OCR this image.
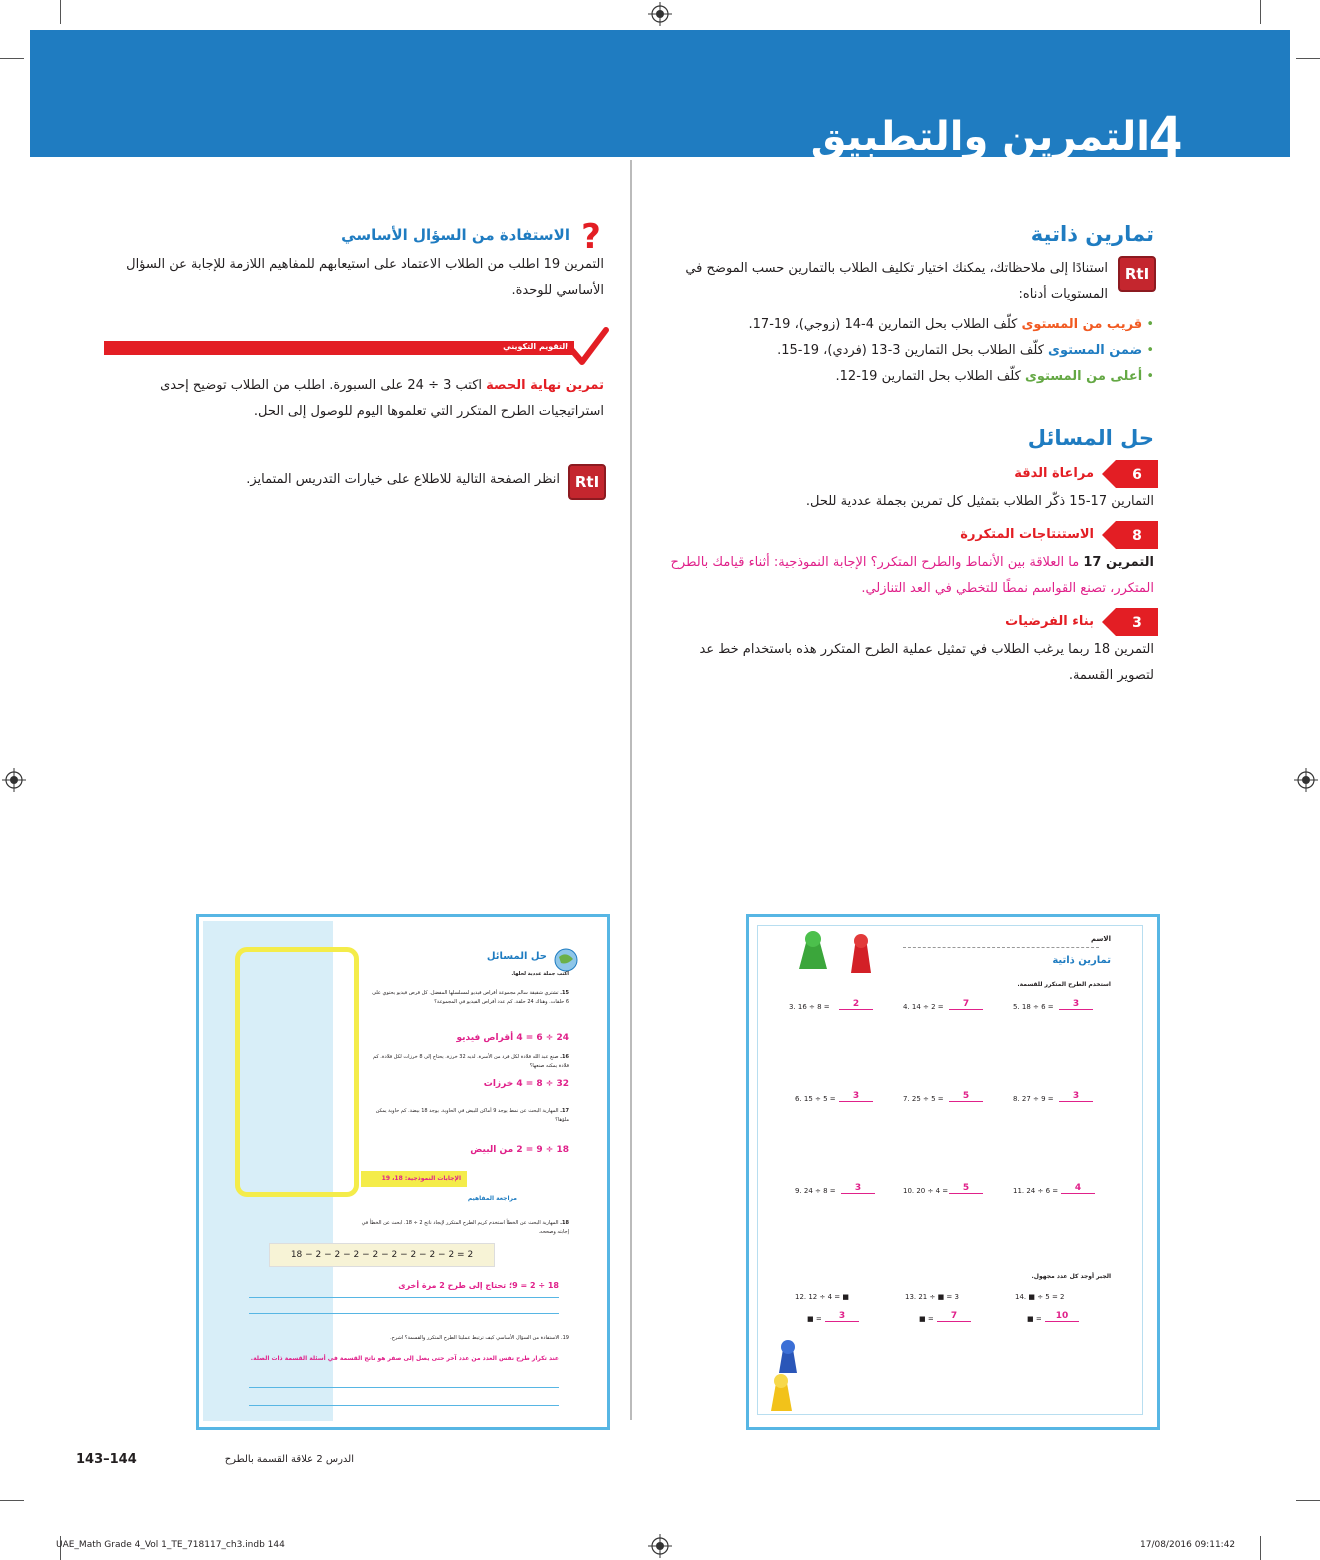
التمرين والتطبيق
4
تمارين ذاتية
RtI
استنادًا إلى ملاحظاتك، يمكنك اختيار تكليف الطلاب بالتمارين حسب الموضح في المستويات أدناه:
• قريب من المستوى كلّف الطلاب بحل التمارين 4-14 (زوجي)، 19-17.
• ضمن المستوى كلّف الطلاب بحل التمارين 3-13 (فردي)، 19-15.
• أعلى من المستوى كلّف الطلاب بحل التمارين 19-12.
حل المسائل
6
مراعاة الدقة
التمارين 17-15 ذكّر الطلاب بتمثيل كل تمرين بجملة عددية للحل.
8
الاستنتاجات المتكررة
التمرين 17 ما العلاقة بين الأنماط والطرح المتكرر؟ الإجابة النموذجية: أثناء قيامك بالطرح المتكرر، تصنع القواسم نمطًا للتخطي في العد التنازلي.
3
بناء الفرضيات
التمرين 18 ربما يرغب الطلاب في تمثيل عملية الطرح المتكرر هذه باستخدام خط عد لتصوير القسمة.
?
الاستفادة من السؤال الأساسي
التمرين 19 اطلب من الطلاب الاعتماد على استيعابهم للمفاهيم اللازمة للإجابة عن السؤال الأساسي للوحدة.
التقويم التكويني
تمرين نهاية الحصة اكتب 3 ÷ 24 على السبورة. اطلب من الطلاب توضيح إحدى استراتيجيات الطرح المتكرر التي تعلموها اليوم للوصول إلى الحل.
RtI
انظر الصفحة التالية للاطلاع على خيارات التدريس المتمايز.
الاسم
تمارين ذاتية
استخدم الطرح المتكرر للقسمة.
3. 16 ÷ 8 =	2	4. 14 ÷ 2 =	7	5. 18 ÷ 6 =	3
6. 15 ÷ 5 =	3	7. 25 ÷ 5 =	5	8. 27 ÷ 9 =	3
9. 24 ÷ 8 =	3	10. 20 ÷ 4 =	5	11. 24 ÷ 6 =	4
الجبر أوجد كل عدد مجهول.
12. 12 ÷ 4 = ■	13. 21 ÷ ■ = 3	14. ■ ÷ 5 = 2
■ =	3	■ =	7	■ =	10
حل المسائل
اكتب جملة عددية لحلها.
15. تشتري شقيقة سالم مجموعة أقراص فيديو لمسلسلها المفضل. كل قرص فيديو يحتوي على 6 حلقات. وهناك 24 حلقة. كم عدد أقراص الفيديو في المجموعة؟
24 ÷ 6 = 4 أقراص فيديو
16. صنع عبد الله قلادة لكل فرد من الأسرة. لديه 32 خرزة. يحتاج إلى 8 خرزات لكل قلادة. كم قلادة يمكنه صنعها؟
32 ÷ 8 = 4 خرزات
17. المهارية البحث عن نمط يوجد 9 أماكن للبيض في الحاوية. يوجد 18 بيضة. كم حاوية يمكن ملؤها؟
18 ÷ 9 = 2 من البيض
الإجابات النموذجية: 18، 19
مراجعة المفاهيم
18. المهارية البحث عن الخطأ استخدم كريم الطرح المتكرر لإيجاد ناتج 2 ÷ 18. ابحث عن الخطأ في إجابته وصححه.
18 − 2 − 2 − 2 − 2 − 2 − 2 − 2 − 2 = 2
18 ÷ 2 = 9؛ تحتاج إلى طرح 2 مرة أخرى
19. الاستفادة من السؤال الأساسي كيف ترتبط عمليتا الطرح المتكرر والقسمة؟ اشرح.
عند تكرار طرح نفس العدد من عدد آخر حتى يصل إلى صفر هو ناتج القسمة في أسئلة القسمة ذات الصلة.
143–144	الدرس 2 علاقة القسمة بالطرح
UAE_Math Grade 4_Vol 1_TE_718117_ch3.indb 144	17/08/2016 09:11:42
